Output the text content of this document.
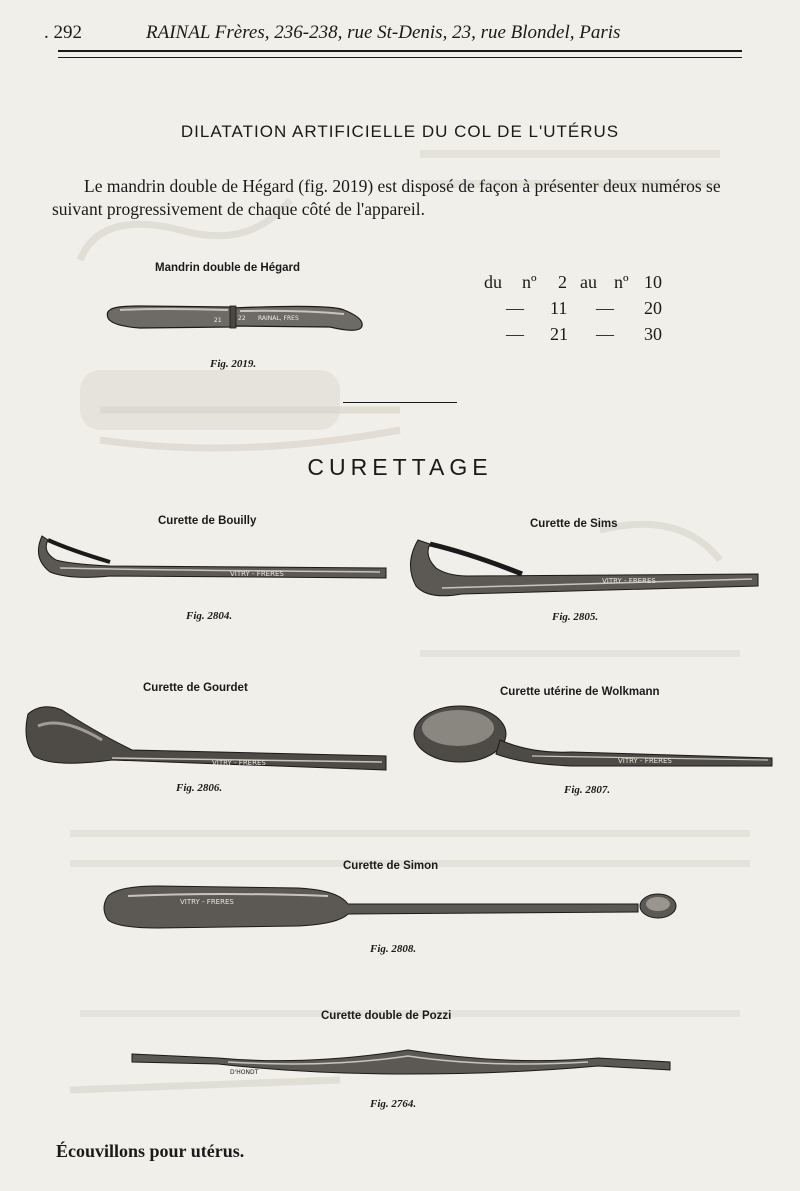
. 292	RAINAL Frères, 236-238, rue St-Denis, 23, rue Blondel, Paris
DILATATION ARTIFICIELLE DU COL DE L'UTÉRUS
Le mandrin double de Hégard (fig. 2019) est disposé de façon à présenter deux numéros se suivant progressivement de chaque côté de l'appareil.
Mandrin double de Hégard
21	22 RAINAL, FRES
Fig. 2019.
du nº 2 au nº 10
— 11 — 20
— 21 — 30
CURETTAGE
Curette de Bouilly
VITRY - FRERES
Fig. 2804.
Curette de Sims
VITRY - FRERES
Fig. 2805.
Curette de Gourdet
VITRY - FRERES
Fig. 2806.
Curette utérine de Wolkmann
VITRY - FRERES
Fig. 2807.
Curette de Simon
VITRY - FRERES
Fig. 2808.
Curette double de Pozzi
D'HONDT
Fig. 2764.
Écouvillons pour utérus.
